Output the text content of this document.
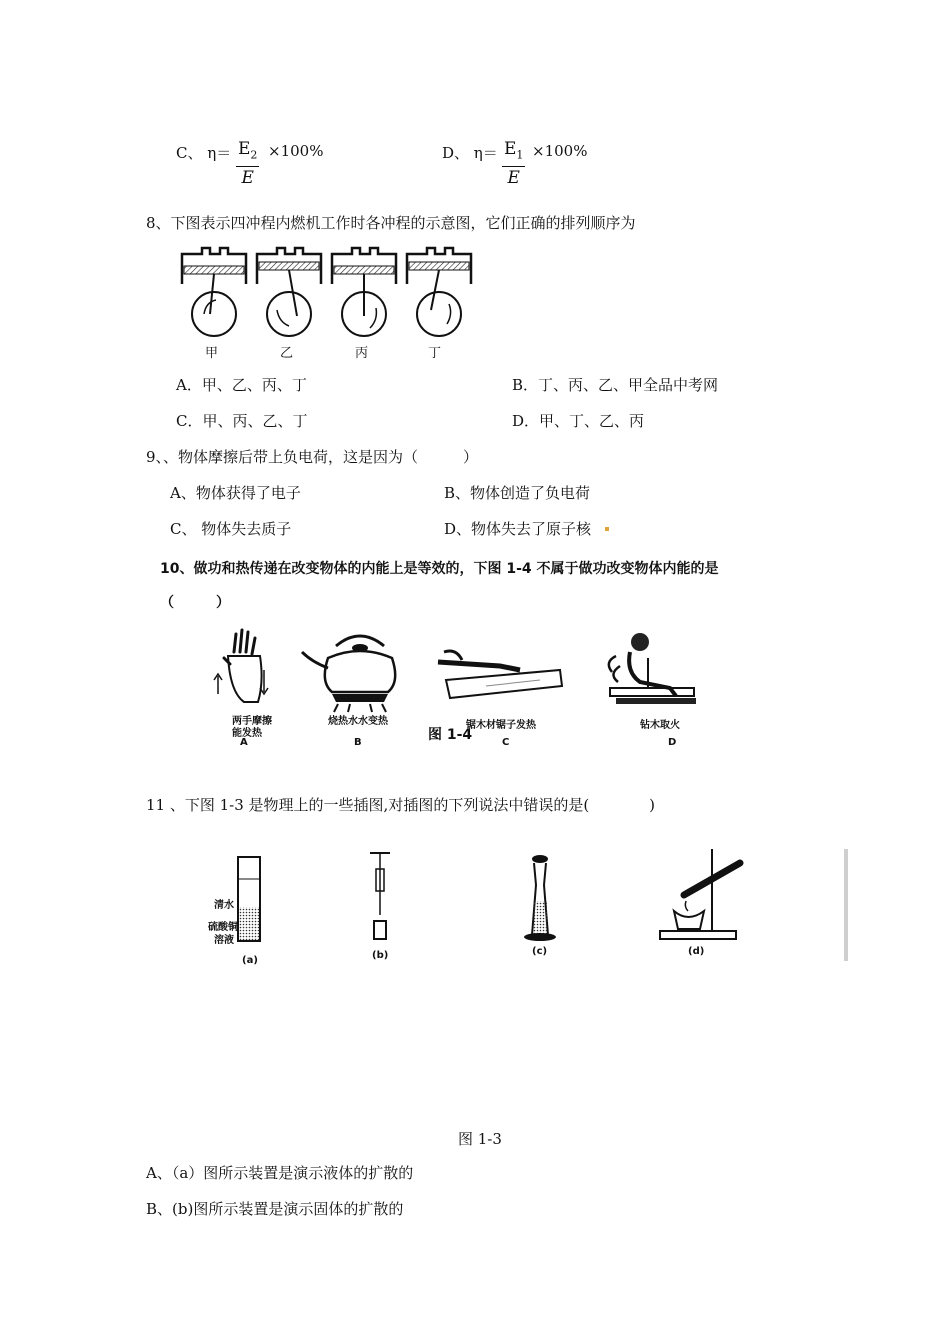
C、 $\eta= \frac{E_2}{E} \times 100\%$	D、 $\eta= \frac{E_1}{E} \times 100\%$
8、下图表示四冲程内燃机工作时各冲程的示意图，它们正确的排列顺序为
甲	乙	丙	丁
A．甲、乙、丙、丁	B．丁、丙、乙、甲全品中考网
C．甲、丙、乙、丁	D．甲、丁、乙、丙
9、、物体摩擦后带上负电荷，这是因为（　　　）
A、物体获得了电子	B、物体创造了负电荷
C、 物体失去质子	D、物体失去了原子核
10、做功和热传递在改变物体的内能上是等效的，下图 1-4 不属于做功改变物体内能的是
（　　　）
两手摩擦
能发热
烧热水水变热	锯木材锯子发热	钻木取火
图 1-4
A	B	C	D
11 、下图 1-3 是物理上的一些插图,对插图的下列说法中错误的是(　　　　)
清水
硫酸铜
溶液
(a)	(b)	(c)	(d)
图 1-3
A、（a）图所示装置是演示液体的扩散的
B、(b)图所示装置是演示固体的扩散的
